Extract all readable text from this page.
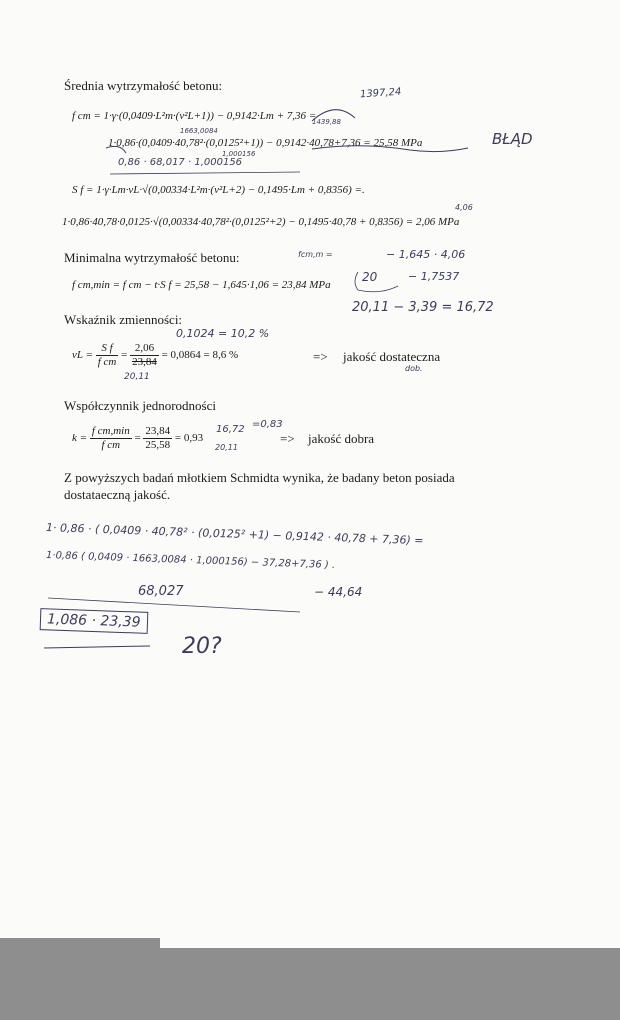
Średnia wytrzymałość betonu:
f cm = 1·γ·(0,0409·L²m·(v²L+1)) − 0,9142·Lm + 7,36 =
1·0,86·(0,0409·40,78²·(0,0125²+1)) − 0,9142·40,78+7,36 = 25,58 MPa
S f = 1·γ·Lm·vL·√(0,00334·L²m·(v²L+2) − 0,1495·Lm + 0,8356) =.
1·0,86·40,78·0,0125·√(0,00334·40,78²·(0,0125²+2) − 0,1495·40,78 + 0,8356) = 2,06 MPa
Minimalna wytrzymałość betonu:
f cm,min = f cm − t·S f = 25,58 − 1,645·1,06 = 23,84 MPa
Wskaźnik zmienności:
vL = $\frac{\text{S f}}{\text{f cm}} = \frac{2,06}{23,84} = 0,0864 = 8,6$ %	=> jakość dostateczna
Współczynnik jednorodności
$k = \frac{\text{f cm,min}}{\text{f cm}} = \frac{23,84}{25,58} = 0,93$	=> jakość dobra
Z powyższych badań młotkiem Schmidta wynika, że badany beton posiada dostataeczną jakość.
1397,24
1439,88
1663,0084
1,000156
0,86 · 68,017 · 1,000156
BŁĄD
4,06
fcm,m =	− 1,645 · 4,06
20	− 1,7537
20,11 − 3,39 = 16,72
0,1024 = 10,2 %
20,11
dob.
16,72
20,11
=0,83
1· 0,86 · ( 0,0409 · 40,78² · (0,0125² +1) − 0,9142 · 40,78 + 7,36) =
1·0,86 ( 0,0409 · 1663,0084 · 1,000156) − 37,28+7,36 ) .
68,027	− 44,64
1,086 · 23,39
20?
